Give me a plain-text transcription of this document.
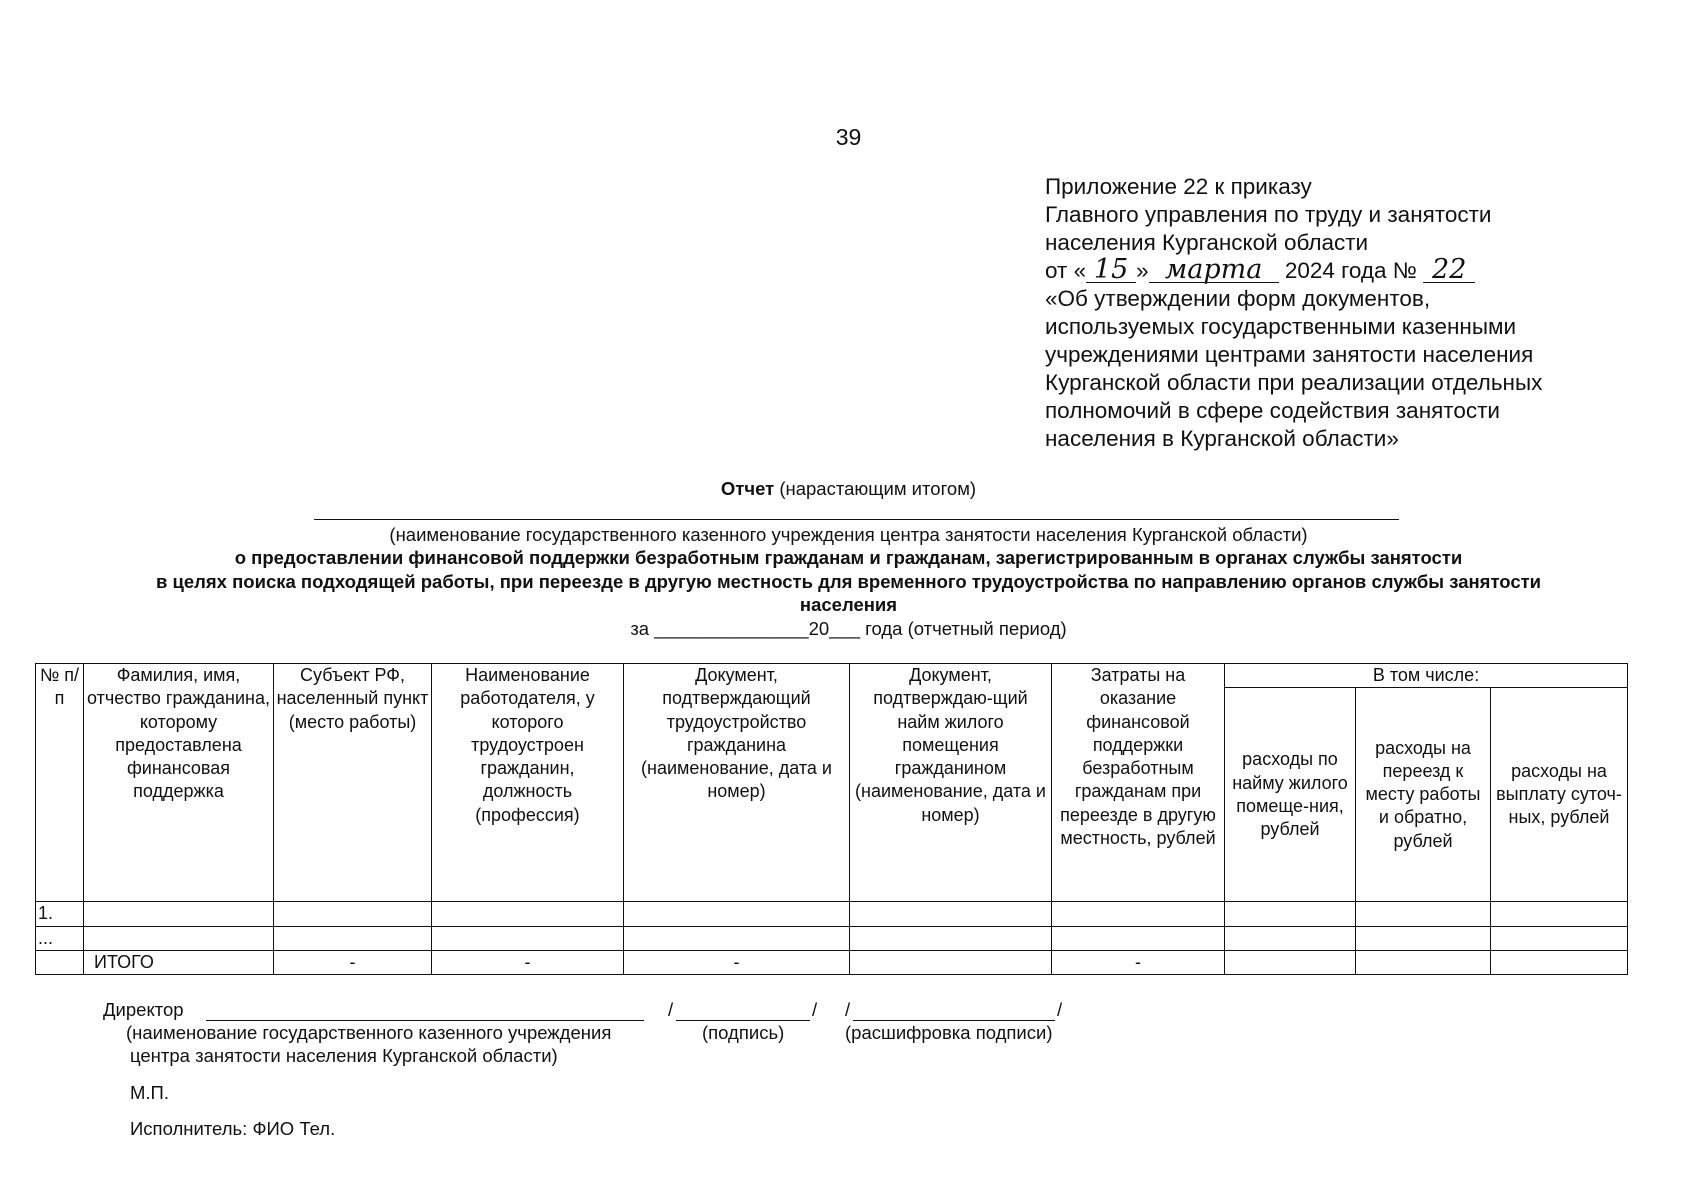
39
Приложение 22 к приказу
Главного управления по труду и занятости
населения Курганской области
от « 15 » марта 2024 года № 22
«Об утверждении форм документов,
используемых государственными казенными
учреждениями центрами занятости населения
Курганской области при реализации отдельных
полномочий в сфере содействия занятости
населения в Курганской области»
Отчет (нарастающим итогом)
(наименование государственного казенного учреждения центра занятости населения Курганской области)
о предоставлении финансовой поддержки безработным гражданам и гражданам, зарегистрированным в органах службы занятости
в целях поиска подходящей работы, при переезде в другую местность для временного трудоустройства по направлению органов службы занятости
населения
за _______________20___ года (отчетный период)
№ п/п	Фамилия, имя, отчество гражданина, которому предоставлена финансовая поддержка	Субъект РФ, населенный пункт (место работы)	Наименование работодателя, у которого трудоустроен гражданин, должность (профессия)	Документ, подтверждающий трудоустройство гражданина (наименование, дата и номер)	Документ, подтверждаю-щий найм жилого помещения гражданином (наименование, дата и номер)	Затраты на оказание финансовой поддержки безработным гражданам при переезде в другую местность, рублей	В том числе:		
							расходы по найму жилого помеще-ния, рублей	расходы на переезд к месту работы и обратно, рублей	расходы на выплату суточ-ных, рублей
1.									
...									
	ИТОГО	-	-	-		-			
Директор	/	/ /	/
(наименование государственного казенного учреждения
центра занятости населения Курганской области)
(подпись)	(расшифровка подписи)
М.П.
Исполнитель: ФИО Тел.
